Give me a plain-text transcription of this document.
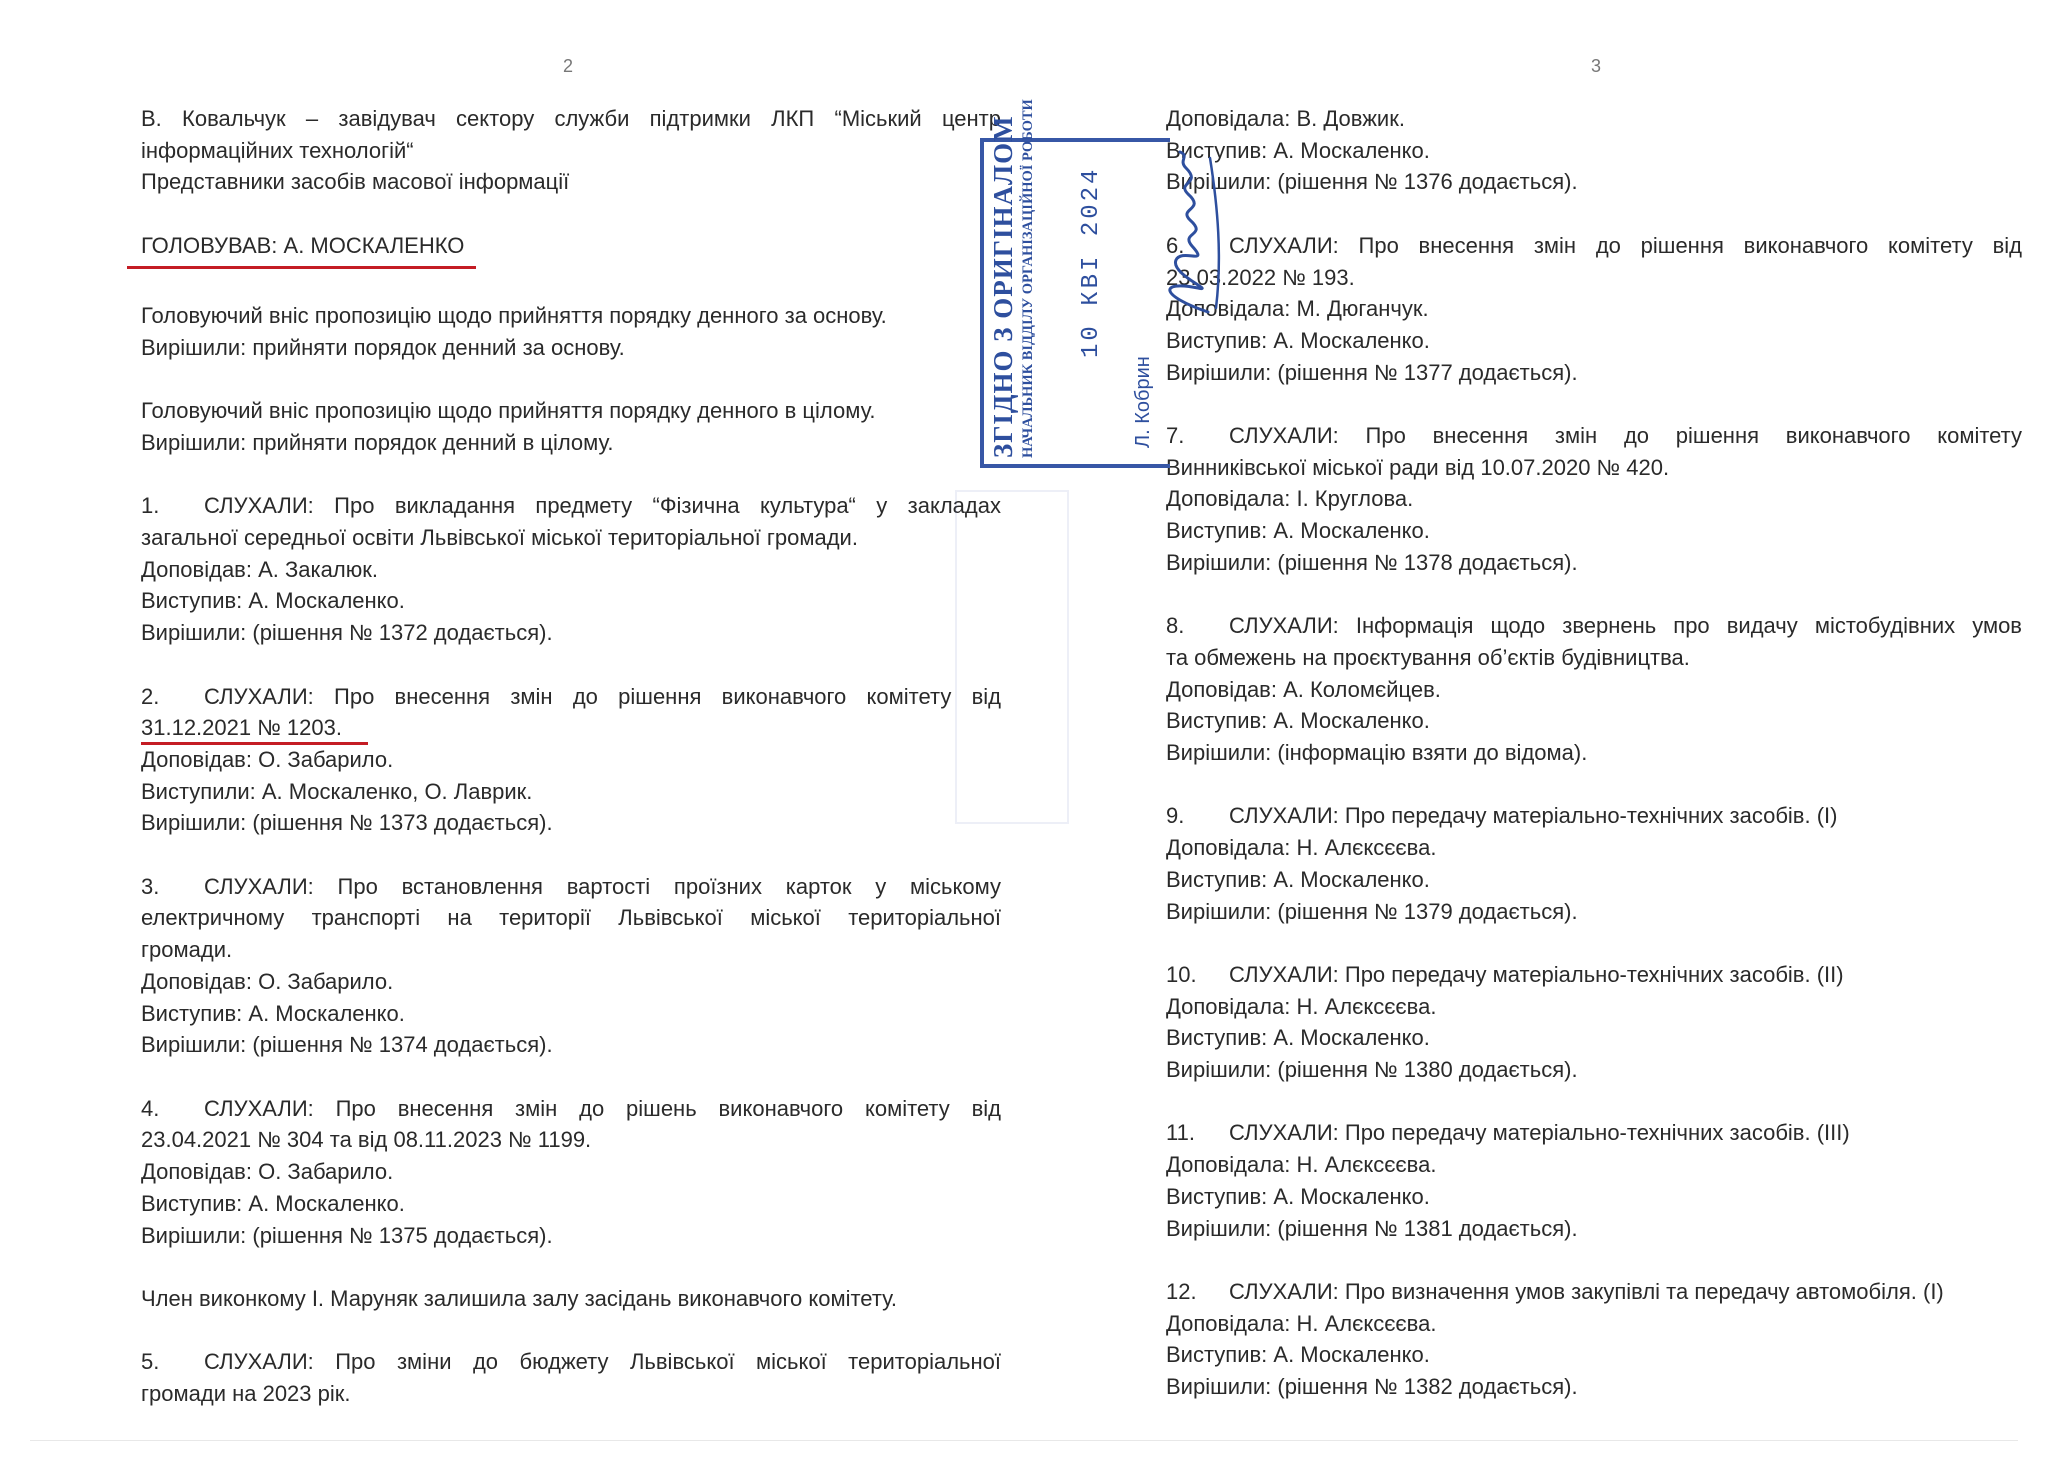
2	3

В. Ковальчук – завідувач сектору служби підтримки ЛКП “Міський центр

інформаційних технологій“

Представники засобів масової інформації

ГОЛОВУВАВ: А. МОСКАЛЕНКО

Головуючий вніс пропозицію щодо прийняття порядку денного за основу.

Вирішили: прийняти порядок денний за основу.

Головуючий вніс пропозицію щодо прийняття порядку денного в цілому.

Вирішили: прийняти порядок денний в цілому.

1. СЛУХАЛИ: Про викладання предмету “Фізична культура“ у закладах

загальної середньої освіти Львівської міської територіальної громади.

Доповідав: А. Закалюк.

Виступив: А. Москаленко.

Вирішили: (рішення № 1372 додається).

2. СЛУХАЛИ: Про внесення змін до рішення виконавчого комітету від

31.12.2021 № 1203.

Доповідав: О. Забарило.

Виступили: А. Москаленко, О. Лаврик.

Вирішили: (рішення № 1373 додається).

3. СЛУХАЛИ: Про встановлення вартості проїзних карток у міському

електричному транспорті на території Львівської міської територіальної

громади.

Доповідав: О. Забарило.

Виступив: А. Москаленко.

Вирішили: (рішення № 1374 додається).

4. СЛУХАЛИ: Про внесення змін до рішень виконавчого комітету від

23.04.2021 № 304 та від 08.11.2023 № 1199.

Доповідав: О. Забарило.

Виступив: А. Москаленко.

Вирішили: (рішення № 1375 додається).

Член виконкому І. Маруняк залишила залу засідань виконавчого комітету.

5. СЛУХАЛИ: Про зміни до бюджету Львівської міської територіальної

громади на 2023 рік.

Доповідала: В. Довжик.

Виступив: А. Москаленко.

Вирішили: (рішення № 1376 додається).

6. СЛУХАЛИ: Про внесення змін до рішення виконавчого комітету від

23.03.2022 № 193.

Доповідала: М. Дюганчук.

Виступив: А. Москаленко.

Вирішили: (рішення № 1377 додається).

7. СЛУХАЛИ: Про внесення змін до рішення виконавчого комітету

Винниківської міської ради від 10.07.2020 № 420.

Доповідала: І. Круглова.

Виступив: А. Москаленко.

Вирішили: (рішення № 1378 додається).

8. СЛУХАЛИ: Інформація щодо звернень про видачу містобудівних умов

та обмежень на проєктування об’єктів будівництва.

Доповідав: А. Коломєйцев.

Виступив: А. Москаленко.

Вирішили: (інформацію взяти до відома).

9. СЛУХАЛИ: Про передачу матеріально-технічних засобів. (I)

Доповідала: Н. Алєксєєва.

Виступив: А. Москаленко.

Вирішили: (рішення № 1379 додається).

10. СЛУХАЛИ: Про передачу матеріально-технічних засобів. (II)

Доповідала: Н. Алєксєєва.

Виступив: А. Москаленко.

Вирішили: (рішення № 1380 додається).

11. СЛУХАЛИ: Про передачу матеріально-технічних засобів. (III)

Доповідала: Н. Алєксєєва.

Виступив: А. Москаленко.

Вирішили: (рішення № 1381 додається).

12. СЛУХАЛИ: Про визначення умов закупівлі та передачу автомобіля. (I)

Доповідала: Н. Алєксєєва.

Виступив: А. Москаленко.

Вирішили: (рішення № 1382 додається).

ЗГІДНО З ОРИГІНАЛОМ НАЧАЛЬНИК ВІДДІЛУ ОРГАНІЗАЦІЙНОЇ РОБОТИ 10 КВІ 2024
Л. Кобрин
